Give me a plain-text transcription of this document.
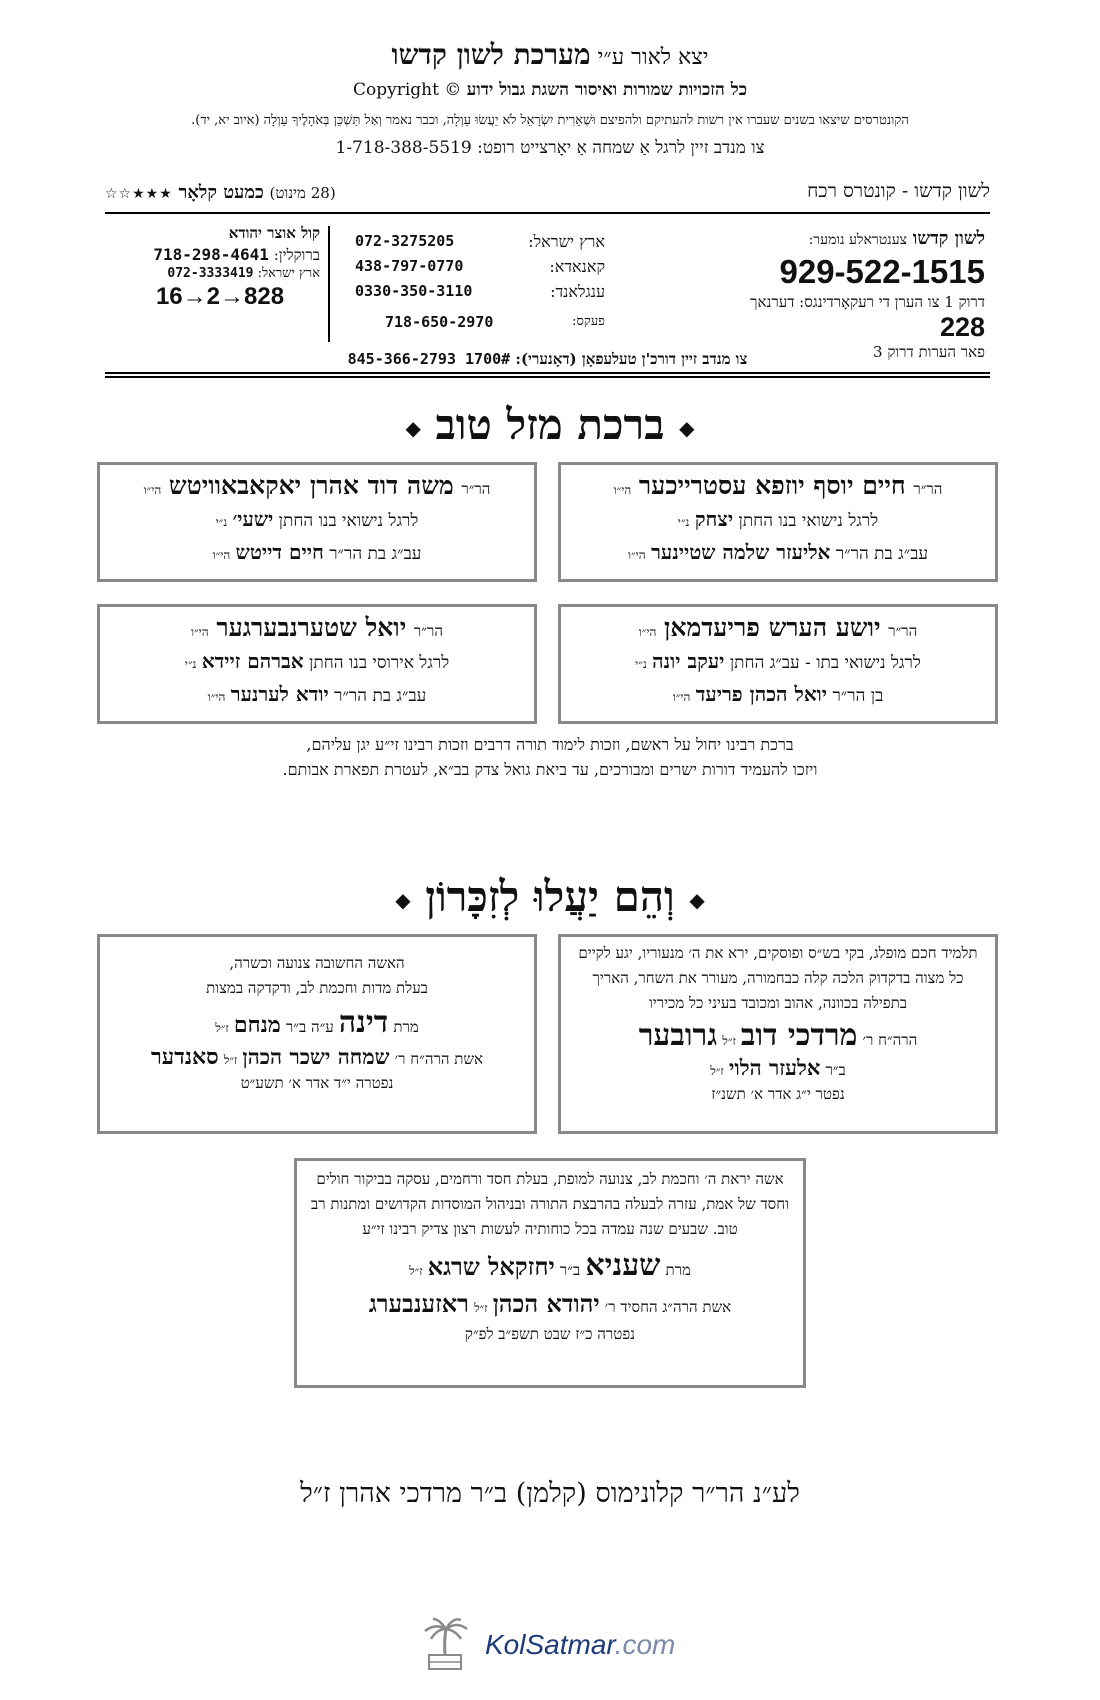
יצא לאור ע״י מערכת לשון קדשו
Copyright © כל הזכויות שמורות ואיסור השגת גבול ידוע
הקונטרסים שיצאו בשנים שעברו אין רשות להעתיקם ולהפיצם וּשְׁאֵרִית יִשְׂרָאֵל לֹא יַעֲשׂוּ עַוְלָה, וכבר נאמר וְאַל תַּשְׁכֵּן בְּאֹהָלֶיךָ עַוְלָה (איוב יא, יד).
צו מנדב זיין לרגל אַ שמחה אַ יאָרצייט רופט: 1-718-388-5519
לשון קדשו - קונטרס רכח
(28 מינוט) כמעט קלאָר ★★★☆☆
לשון קדשו צענטראלע נומער:
929-522-1515
דרוק 1 צו הערן די רעקאָרדינגס: דערנאך 228
פאר הערות דרוק 3
ארץ ישראל:
072-3275205
קאנאדא:
438-797-0770
ענגלאנד:
0330-350-3110
פעקס:
718-650-2970
קול אוצר יהודא
ברוקלין: 718-298-4641
ארץ ישראל: 072-3333419
16→2→828
צו מנדב זיין דורכ'ן טעלעפאָן (דאָנערי): 845-366-2793 1700#
◆ ברכת מזל טוב ◆
הר״ר חיים יוסף יוזפא עסטרייכער הי״ו
לרגל נישואי בנו החתן יצחק נ״י
עב״ג בת הר״ר אליעזר שלמה שטיינער הי״ו
הר״ר משה דוד אהרן יאקאבאוויטש הי״ו
לרגל נישואי בנו החתן ישעי׳ נ״י
עב״ג בת הר״ר חיים דייטש הי״ו
הר״ר יושע הערש פריעדמאן הי״ו
לרגל נישואי בתו - עב״ג החתן יעקב יונה נ״י
בן הר״ר יואל הכהן פריעד הי״ו
הר״ר יואל שטערנבערגער הי״ו
לרגל אירוסי בנו החתן אברהם זיידא נ״י
עב״ג בת הר״ר יודא לערנער הי״ו
ברכת רבינו יחול על ראשם, וזכות לימוד תורה דרבים וזכות רבינו זי״ע יגן עליהם,
ויזכו להעמיד דורות ישרים ומבורכים, עד ביאת גואל צדק בב״א, לעטרת תפארת אבותם.
◆ וְהֵם יַעֲלוּ לְזִכָּרוֹן ◆
תלמיד חכם מופלג, בקי בש״ס ופוסקים, ירא את ה׳ מנעוריו, יגע לקיים כל מצוה בדקדוק הלכה קלה כבחמורה, מעורר את השחר, האריך בתפילה בכוונה, אהוב ומכובד בעיני כל מכיריו
הרה״ח ר׳ מרדכי דוב ז״ל גרובער
ב״ר אלעזר הלוי ז״ל
נפטר י״ג אדר א׳ תשנ״ז
האשה החשובה צנועה וכשרה,
בעלת מדות וחכמת לב, ודקדקה במצות
מרת דינה ע״ה ב״ר מנחם ז״ל
אשת הרה״ח ר׳ שמחה ישכר הכהן ז״ל סאנדער
נפטרה י״ד אדר א׳ תשע״ט
אשה יראת ה׳ וחכמת לב, צנועה למופת, בעלת חסד ורחמים, עסקה בביקור חולים וחסד של אמת, עזרה לבעלה בהרבצת התורה ובניהול המוסדות הקדושים ומתנות רב טוב. שבעים שנה עמדה בכל כוחותיה לעשות רצון צדיק רבינו זי״ע
מרת שעניא ב״ר יחזקאל שרגא ז״ל
אשת הרה״ג החסיד ר׳ יהודא הכהן ז״ל ראזענבערג
נפטרה כ״ז שבט תשפ״ב לפ״ק
לע״נ הר״ר קלונימוס (קלמן) ב״ר מרדכי אהרן ז״ל
KolSatmar.com
